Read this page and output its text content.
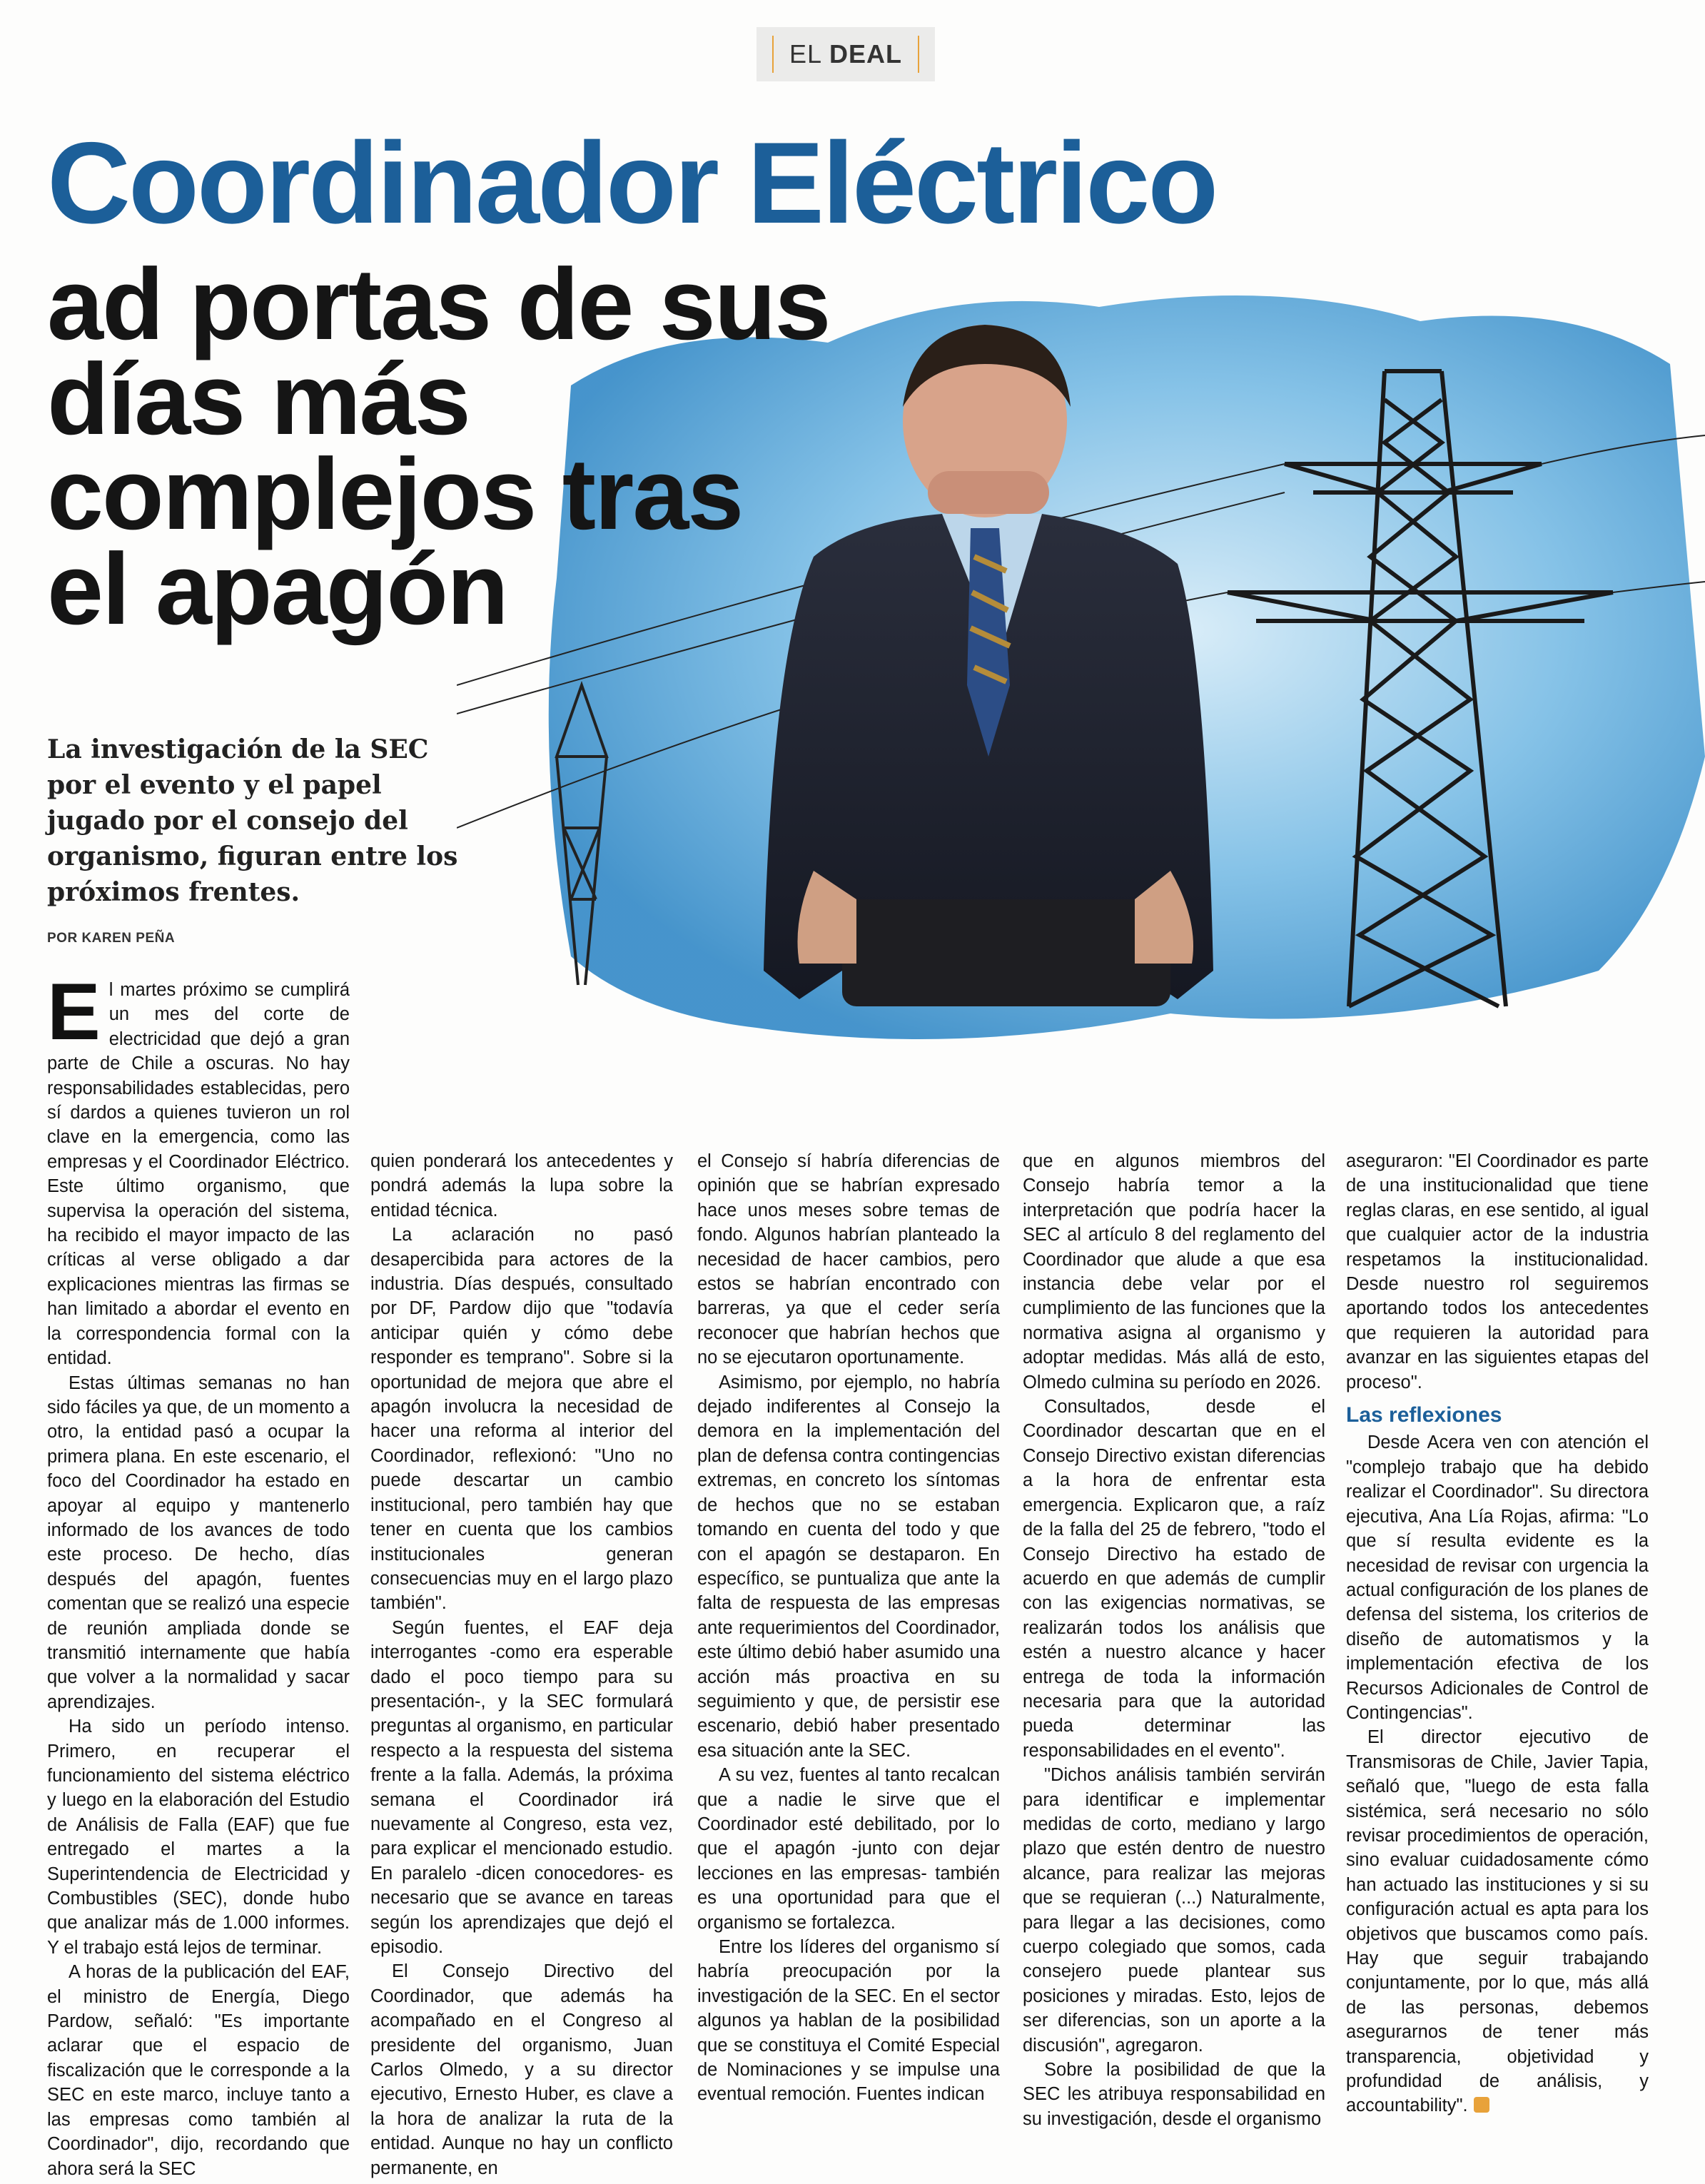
EL DEAL
Coordinador Eléctrico
ad portas de sus días más complejos tras el apagón

La investigación de la SEC por el evento y el papel jugado por el consejo del organismo, figuran entre los próximos frentes.

POR KAREN PEÑA
E l martes próximo se cumplirá un mes del corte de electricidad que dejó a gran parte de Chile a oscuras. No hay responsabilidades establecidas, pero sí dardos a quienes tuvieron un rol clave en la emergencia, como las empresas y el Coordinador Eléctrico. Este último organismo, que supervisa la operación del sistema, ha recibido el mayor impacto de las críticas al verse obligado a dar explicaciones mientras las firmas se han limitado a abordar el evento en la correspondencia formal con la entidad.

Estas últimas semanas no han sido fáciles ya que, de un momento a otro, la entidad pasó a ocupar la primera plana. En este escenario, el foco del Coordinador ha estado en apoyar al equipo y mantenerlo informado de los avances de todo este proceso. De hecho, días después del apagón, fuentes comentan que se realizó una especie de reunión ampliada donde se transmitió internamente que había que volver a la normalidad y sacar aprendizajes.

Ha sido un período intenso. Primero, en recuperar el funcionamiento del sistema eléctrico y luego en la elaboración del Estudio de Análisis de Falla (EAF) que fue entregado el martes a la Superintendencia de Electricidad y Combustibles (SEC), donde hubo que analizar más de 1.000 informes. Y el trabajo está lejos de terminar.

A horas de la publicación del EAF, el ministro de Energía, Diego Pardow, señaló: "Es importante aclarar que el espacio de fiscalización que le corresponde a la SEC en este marco, incluye tanto a las empresas como también al Coordinador", dijo, recordando que ahora será la SEC

quien ponderará los antecedentes y pondrá además la lupa sobre la entidad técnica.

La aclaración no pasó desapercibida para actores de la industria. Días después, consultado por DF, Pardow dijo que "todavía anticipar quién y cómo debe responder es temprano". Sobre si la oportunidad de mejora que abre el apagón involucra la necesidad de hacer una reforma al interior del Coordinador, reflexionó: "Uno no puede descartar un cambio institucional, pero también hay que tener en cuenta que los cambios institucionales generan consecuencias muy en el largo plazo también".

Según fuentes, el EAF deja interrogantes -como era esperable dado el poco tiempo para su presentación-, y la SEC formulará preguntas al organismo, en particular respecto a la respuesta del sistema frente a la falla. Además, la próxima semana el Coordinador irá nuevamente al Congreso, esta vez, para explicar el mencionado estudio. En paralelo -dicen conocedores- es necesario que se avance en tareas según los aprendizajes que dejó el episodio.

El Consejo Directivo del Coordinador, que además ha acompañado en el Congreso al presidente del organismo, Juan Carlos Olmedo, y a su director ejecutivo, Ernesto Huber, es clave a la hora de analizar la ruta de la entidad. Aunque no hay un conflicto permanente, en

el Consejo sí habría diferencias de opinión que se habrían expresado hace unos meses sobre temas de fondo. Algunos habrían planteado la necesidad de hacer cambios, pero estos se habrían encontrado con barreras, ya que el ceder sería reconocer que habrían hechos que no se ejecutaron oportunamente.

Asimismo, por ejemplo, no habría dejado indiferentes al Consejo la demora en la implementación del plan de defensa contra contingencias extremas, en concreto los síntomas de hechos que no se estaban tomando en cuenta del todo y que con el apagón se destaparon. En específico, se puntualiza que ante la falta de respuesta de las empresas ante requerimientos del Coordinador, este último debió haber asumido una acción más proactiva en su seguimiento y que, de persistir ese escenario, debió haber presentado esa situación ante la SEC.

A su vez, fuentes al tanto recalcan que a nadie le sirve que el Coordinador esté debilitado, por lo que el apagón -junto con dejar lecciones en las empresas- también es una oportunidad para que el organismo se fortalezca.

Entre los líderes del organismo sí habría preocupación por la investigación de la SEC. En el sector algunos ya hablan de la posibilidad que se constituya el Comité Especial de Nominaciones y se impulse una eventual remoción. Fuentes indican

que en algunos miembros del Consejo habría temor a la interpretación que podría hacer la SEC al artículo 8 del reglamento del Coordinador que alude a que esa instancia debe velar por el cumplimiento de las funciones que la normativa asigna al organismo y adoptar medidas. Más allá de esto, Olmedo culmina su período en 2026.

Consultados, desde el Coordinador descartan que en el Consejo Directivo existan diferencias a la hora de enfrentar esta emergencia. Explicaron que, a raíz de la falla del 25 de febrero, "todo el Consejo Directivo ha estado de acuerdo en que además de cumplir con las exigencias normativas, se realizarán todos los análisis que estén a nuestro alcance y hacer entrega de toda la información necesaria para que la autoridad pueda determinar las responsabilidades en el evento".

"Dichos análisis también servirán para identificar e implementar medidas de corto, mediano y largo plazo que estén dentro de nuestro alcance, para realizar las mejoras que se requieran (...) Naturalmente, para llegar a las decisiones, como cuerpo colegiado que somos, cada consejero puede plantear sus posiciones y miradas. Esto, lejos de ser diferencias, son un aporte a la discusión", agregaron.

Sobre la posibilidad de que la SEC les atribuya responsabilidad en su investigación, desde el organismo

aseguraron: "El Coordinador es parte de una institucionalidad que tiene reglas claras, en ese sentido, al igual que cualquier actor de la industria respetamos la institucionalidad. Desde nuestro rol seguiremos aportando todos los antecedentes que requieren la autoridad para avanzar en las siguientes etapas del proceso".

Las reflexiones

Desde Acera ven con atención el "complejo trabajo que ha debido realizar el Coordinador". Su directora ejecutiva, Ana Lía Rojas, afirma: "Lo que sí resulta evidente es la necesidad de revisar con urgencia la actual configuración de los planes de defensa del sistema, los criterios de diseño de automatismos y la implementación efectiva de los Recursos Adicionales de Control de Contingencias".

El director ejecutivo de Transmisoras de Chile, Javier Tapia, señaló que, "luego de esta falla sistémica, será necesario no sólo revisar procedimientos de operación, sino evaluar cuidadosamente cómo han actuado las instituciones y si su configuración actual es apta para los objetivos que buscamos como país. Hay que seguir trabajando conjuntamente, por lo que, más allá de las personas, debemos asegurarnos de tener más transparencia, objetividad y profundidad de análisis, y accountability".
